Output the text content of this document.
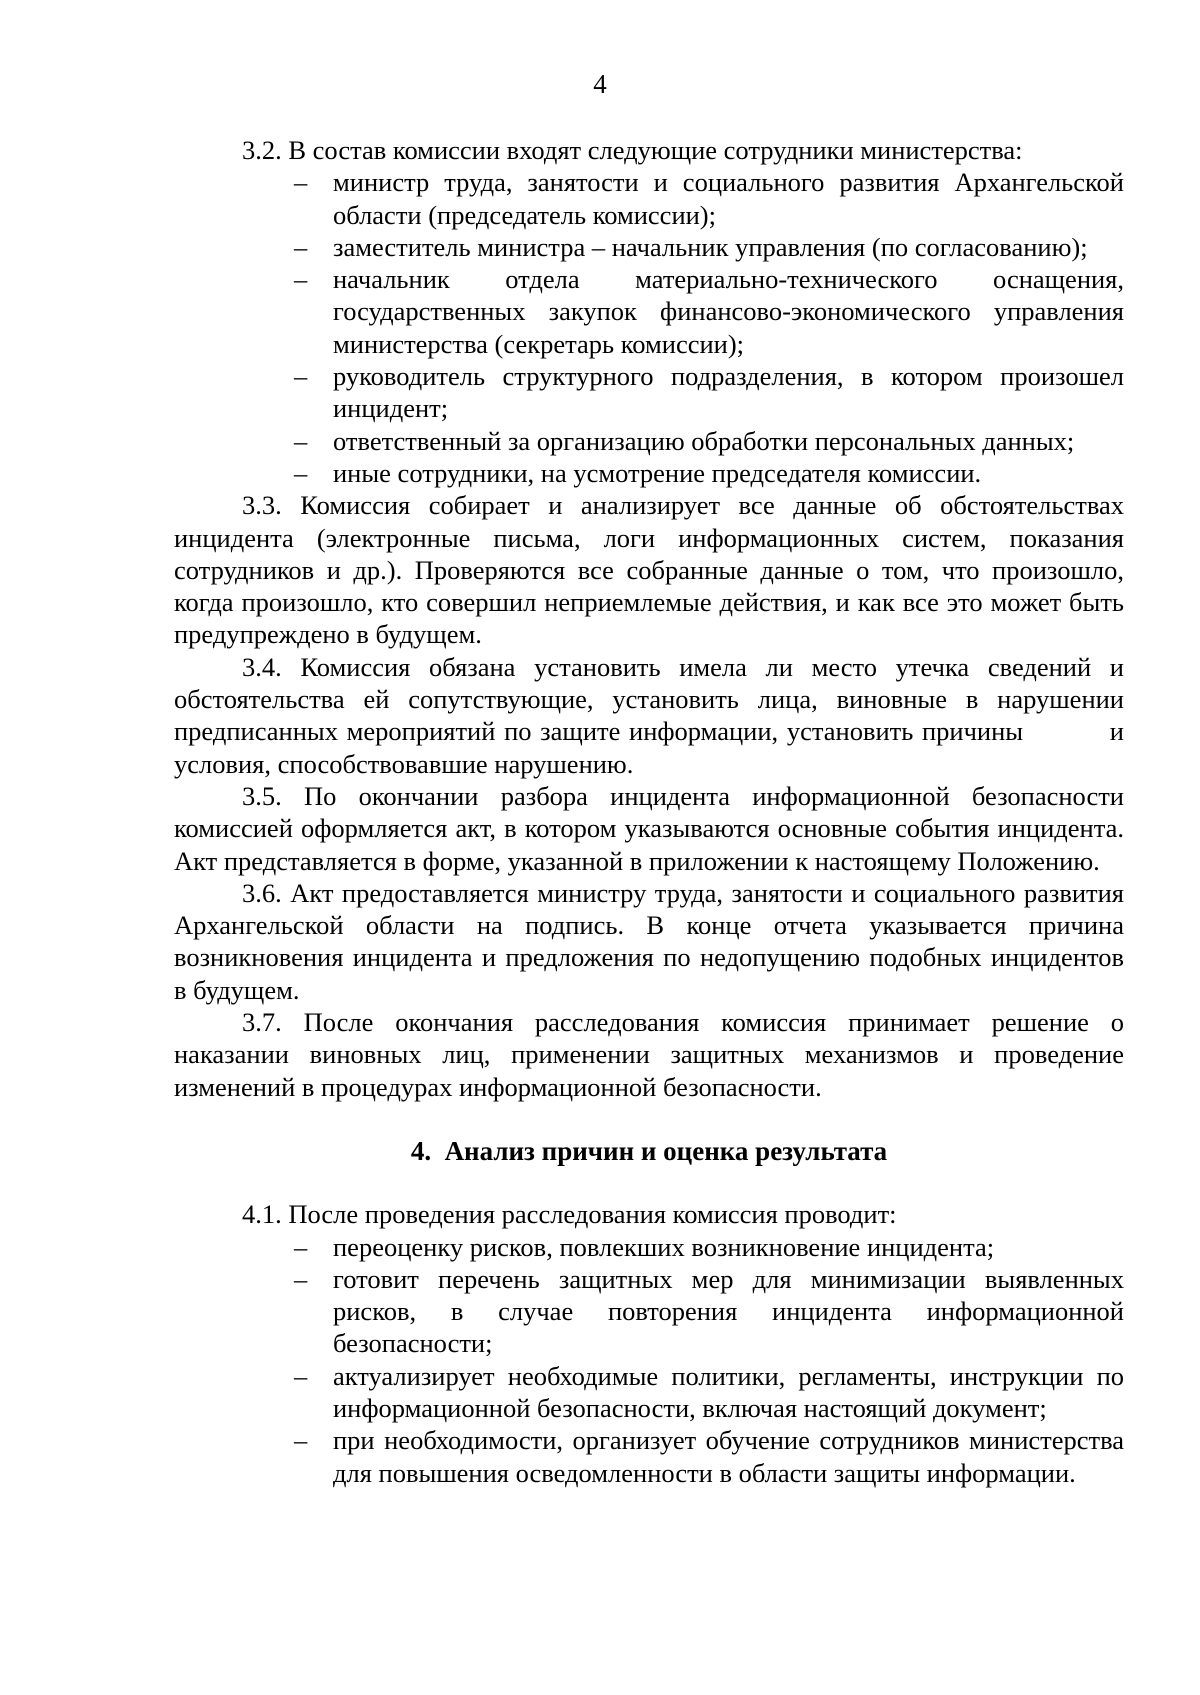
4

3.2. В состав комиссии входят следующие сотрудники министерства:

– министр труда, занятости и социального развития Архангельской области (председатель комиссии);
– заместитель министра – начальник управления (по согласованию);
– начальник отдела материально-технического оснащения, государственных закупок финансово-экономического управления министерства (секретарь комиссии);
– руководитель структурного подразделения, в котором произошел инцидент;
– ответственный за организацию обработки персональных данных;
– иные сотрудники, на усмотрение председателя комиссии.

3.3. Комиссия собирает и анализирует все данные об обстоятельствах инцидента (электронные письма, логи информационных систем, показания сотрудников и др.). Проверяются все собранные данные о том, что произошло, когда произошло, кто совершил неприемлемые действия, и как все это может быть предупреждено в будущем.

3.4. Комиссия обязана установить имела ли место утечка сведений и обстоятельства ей сопутствующие, установить лица, виновные в нарушении предписанных мероприятий по защите информации, установить причины          и условия, способствовавшие нарушению.

3.5. По окончании разбора инцидента информационной безопасности комиссией оформляется акт, в котором указываются основные события инцидента. Акт представляется в форме, указанной в приложении к настоящему Положению.

3.6. Акт предоставляется министру труда, занятости и социального развития Архангельской области на подпись. В конце отчета указывается причина возникновения инцидента и предложения по недопущению подобных инцидентов в будущем.

3.7. После окончания расследования комиссия принимает решение о наказании виновных лиц, применении защитных механизмов и проведение изменений в процедурах информационной безопасности.

4.  Анализ причин и оценка результата

4.1. После проведения расследования комиссия проводит:

– переоценку рисков, повлекших возникновение инцидента;
– готовит перечень защитных мер для минимизации выявленных рисков, в случае повторения инцидента информационной безопасности;
– актуализирует необходимые политики, регламенты, инструкции по информационной безопасности, включая настоящий документ;
– при необходимости, организует обучение сотрудников министерства для повышения осведомленности в области защиты информации.
